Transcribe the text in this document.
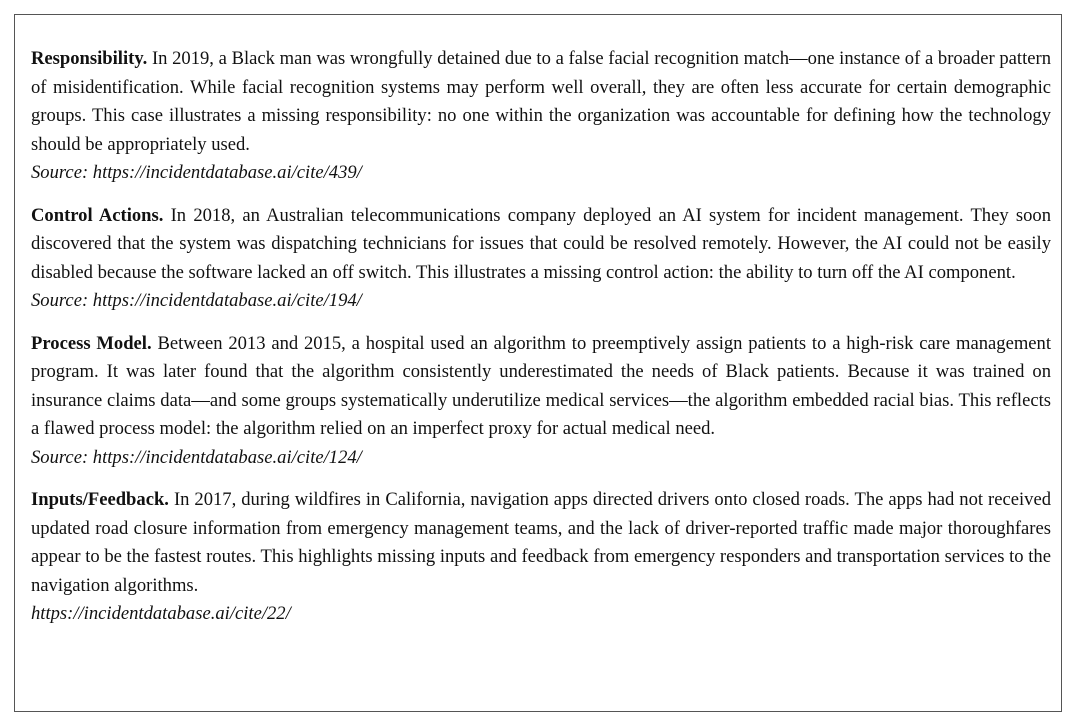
Responsibility. In 2019, a Black man was wrongfully detained due to a false facial recognition match—one instance of a broader pattern of misidentification. While facial recognition systems may perform well overall, they are often less accurate for certain demographic groups. This case illustrates a missing responsibility: no one within the organization was accountable for defining how the technology should be appropriately used.

Source: https://incidentdatabase.ai/cite/439/

Control Actions. In 2018, an Australian telecommunications company deployed an AI system for incident management. They soon discovered that the system was dispatching technicians for issues that could be resolved remotely. However, the AI could not be easily disabled because the software lacked an off switch. This illustrates a missing control action: the ability to turn off the AI component.

Source: https://incidentdatabase.ai/cite/194/

Process Model. Between 2013 and 2015, a hospital used an algorithm to preemptively assign patients to a high-risk care management program. It was later found that the algorithm consistently underestimated the needs of Black patients. Because it was trained on insurance claims data—and some groups systematically underutilize medical services—the algorithm embedded racial bias. This reflects a flawed process model: the algorithm relied on an imperfect proxy for actual medical need.

Source: https://incidentdatabase.ai/cite/124/

Inputs/Feedback. In 2017, during wildfires in California, navigation apps directed drivers onto closed roads. The apps had not received updated road closure information from emergency management teams, and the lack of driver-reported traffic made major thoroughfares appear to be the fastest routes. This highlights missing inputs and feedback from emergency responders and transportation services to the navigation algorithms.

https://incidentdatabase.ai/cite/22/
